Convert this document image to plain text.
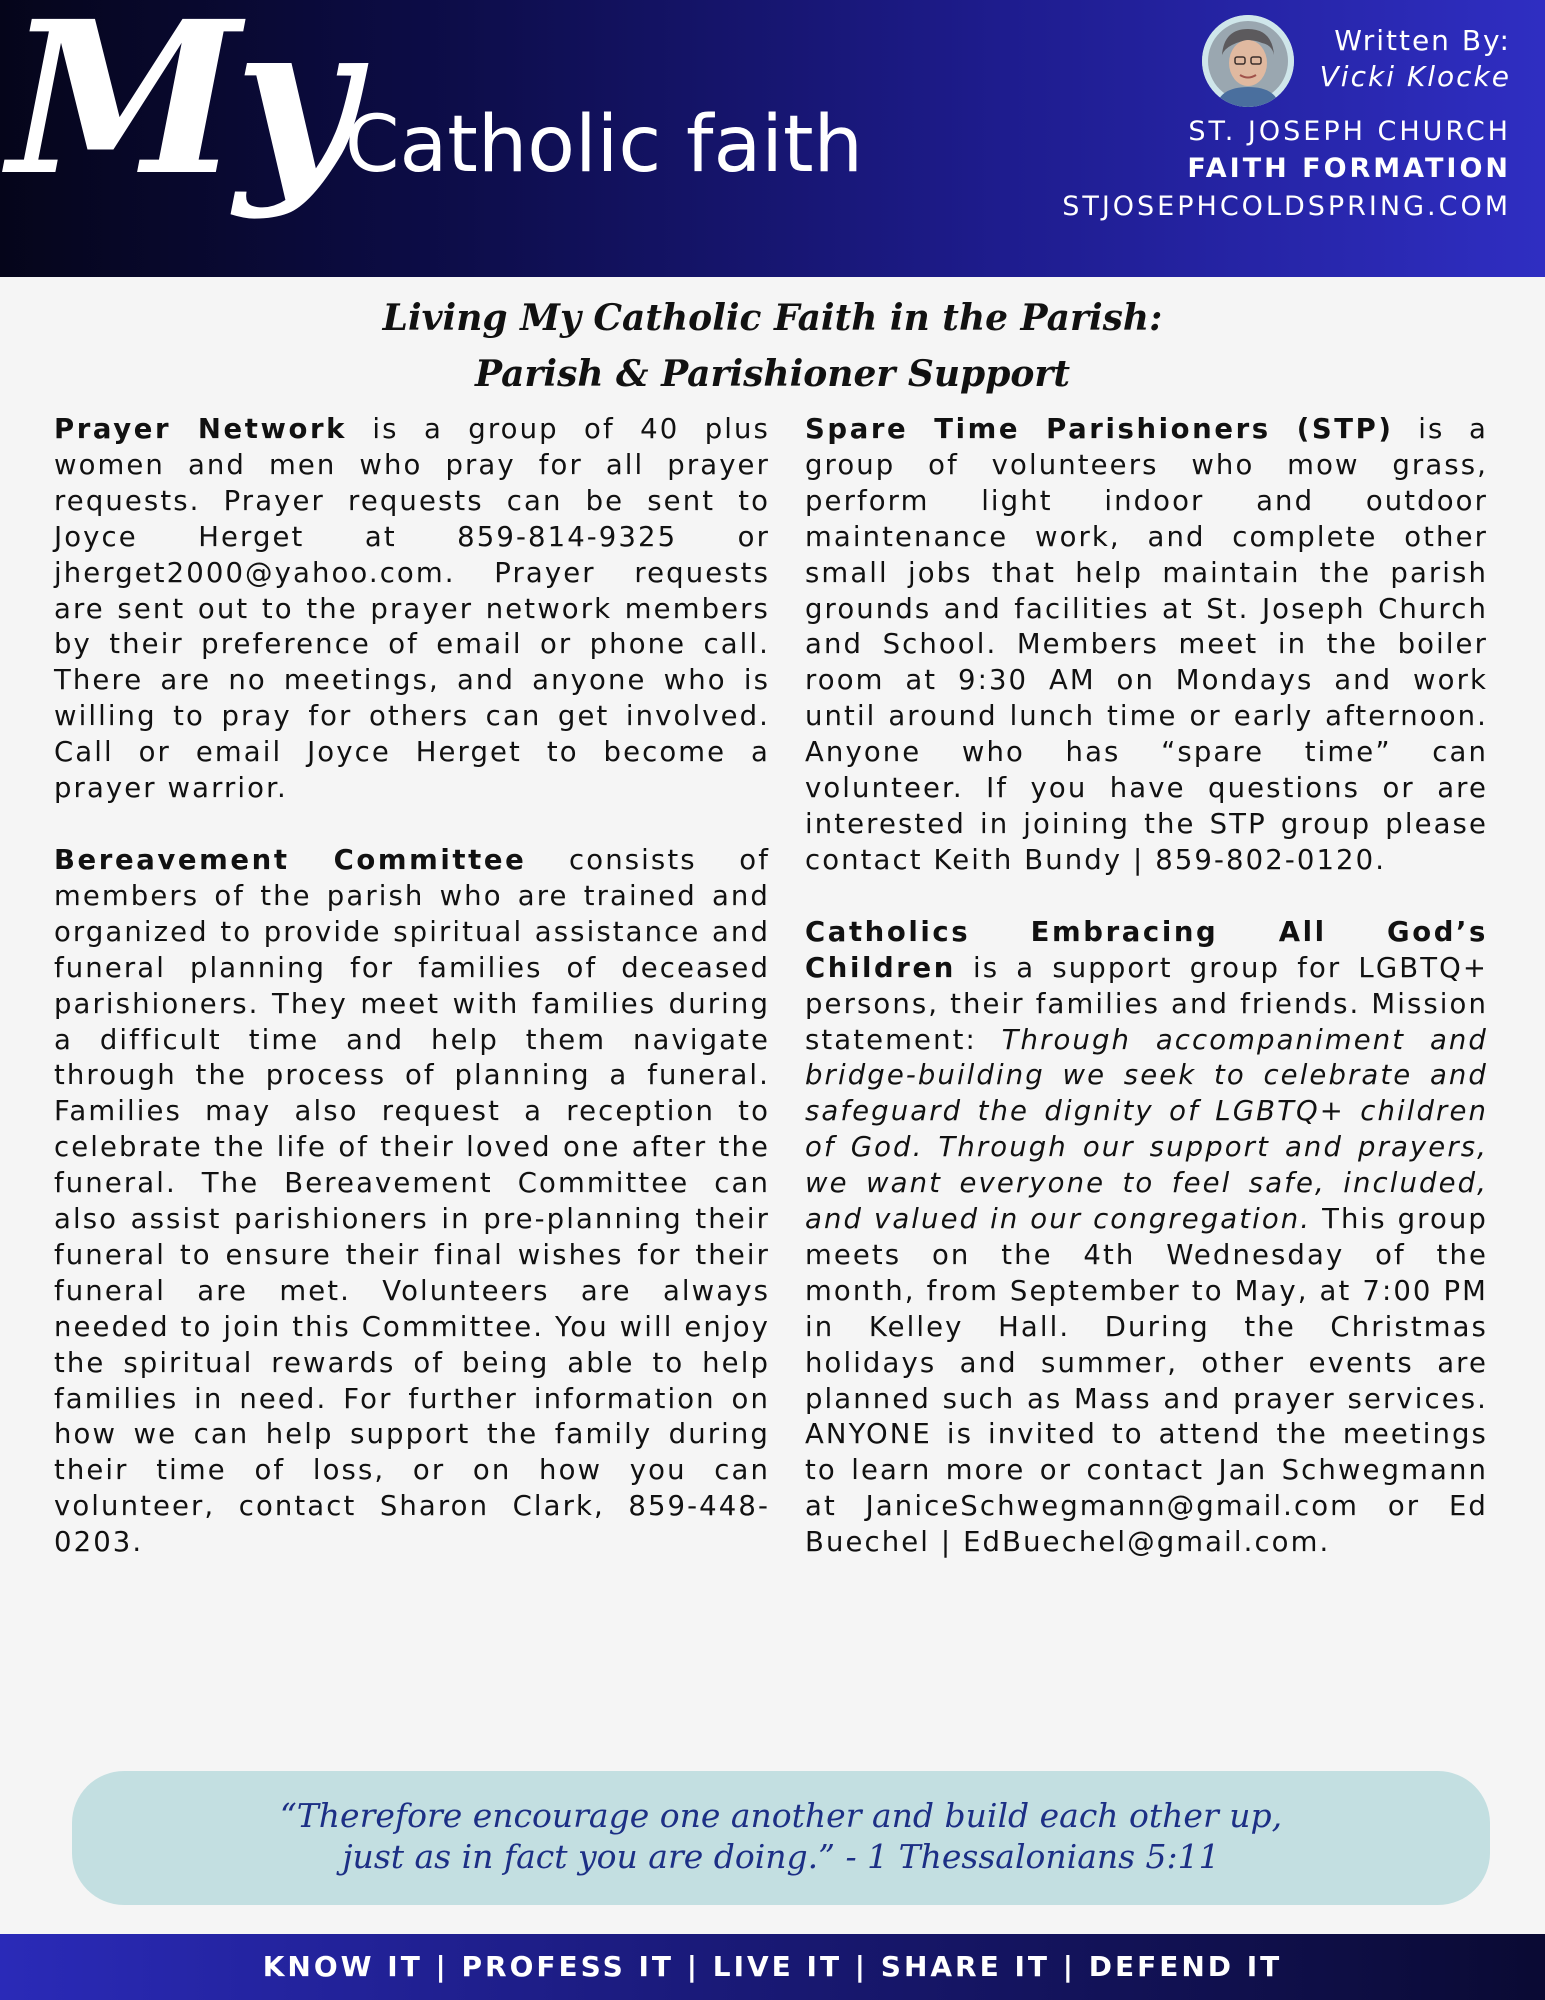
My
Catholic faith
Written By:
Vicki Klocke
ST. JOSEPH CHURCH
FAITH FORMATION
STJOSEPHCOLDSPRING.COM
Living My Catholic Faith in the Parish:
Parish & Parishioner Support

Prayer Network is a group of 40 plus women and men who pray for all prayer requests. Prayer requests can be sent to Joyce Herget at 859-814-9325 or jherget2000@yahoo.com. Prayer requests are sent out to the prayer network members by their preference of email or phone call. There are no meetings, and anyone who is willing to pray for others can get involved. Call or email Joyce Herget to become a prayer warrior.

Bereavement Committee consists of members of the parish who are trained and organized to provide spiritual assistance and funeral planning for families of deceased parishioners. They meet with families during a difficult time and help them navigate through the process of planning a funeral. Families may also request a reception to celebrate the life of their loved one after the funeral. The Bereavement Committee can also assist parishioners in pre-planning their funeral to ensure their final wishes for their funeral are met. Volunteers are always needed to join this Committee. You will enjoy the spiritual rewards of being able to help families in need. For further information on how we can help support the family during their time of loss, or on how you can volunteer, contact Sharon Clark, 859-448-0203.

Spare Time Parishioners (STP) is a group of volunteers who mow grass, perform light indoor and outdoor maintenance work, and complete other small jobs that help maintain the parish grounds and facilities at St. Joseph Church and School. Members meet in the boiler room at 9:30 AM on Mondays and work until around lunch time or early afternoon. Anyone who has “spare time” can volunteer. If you have questions or are interested in joining the STP group please contact Keith Bundy | 859-802-0120.

Catholics Embracing All God’s Children is a support group for LGBTQ+ persons, their families and friends. Mission statement: Through accompaniment and bridge-building we seek to celebrate and safeguard the dignity of LGBTQ+ children of God. Through our support and prayers, we want everyone to feel safe, included, and valued in our congregation. This group meets on the 4th Wednesday of the month, from September to May, at 7:00 PM in Kelley Hall. During the Christmas holidays and summer, other events are planned such as Mass and prayer services. ANYONE is invited to attend the meetings to learn more or contact Jan Schwegmann at JaniceSchwegmann@gmail.com or Ed Buechel | EdBuechel@gmail.com.

“Therefore encourage one another and build each other up,
just as in fact you are doing.” - 1 Thessalonians 5:11
KNOW IT | PROFESS IT | LIVE IT | SHARE IT | DEFEND IT
